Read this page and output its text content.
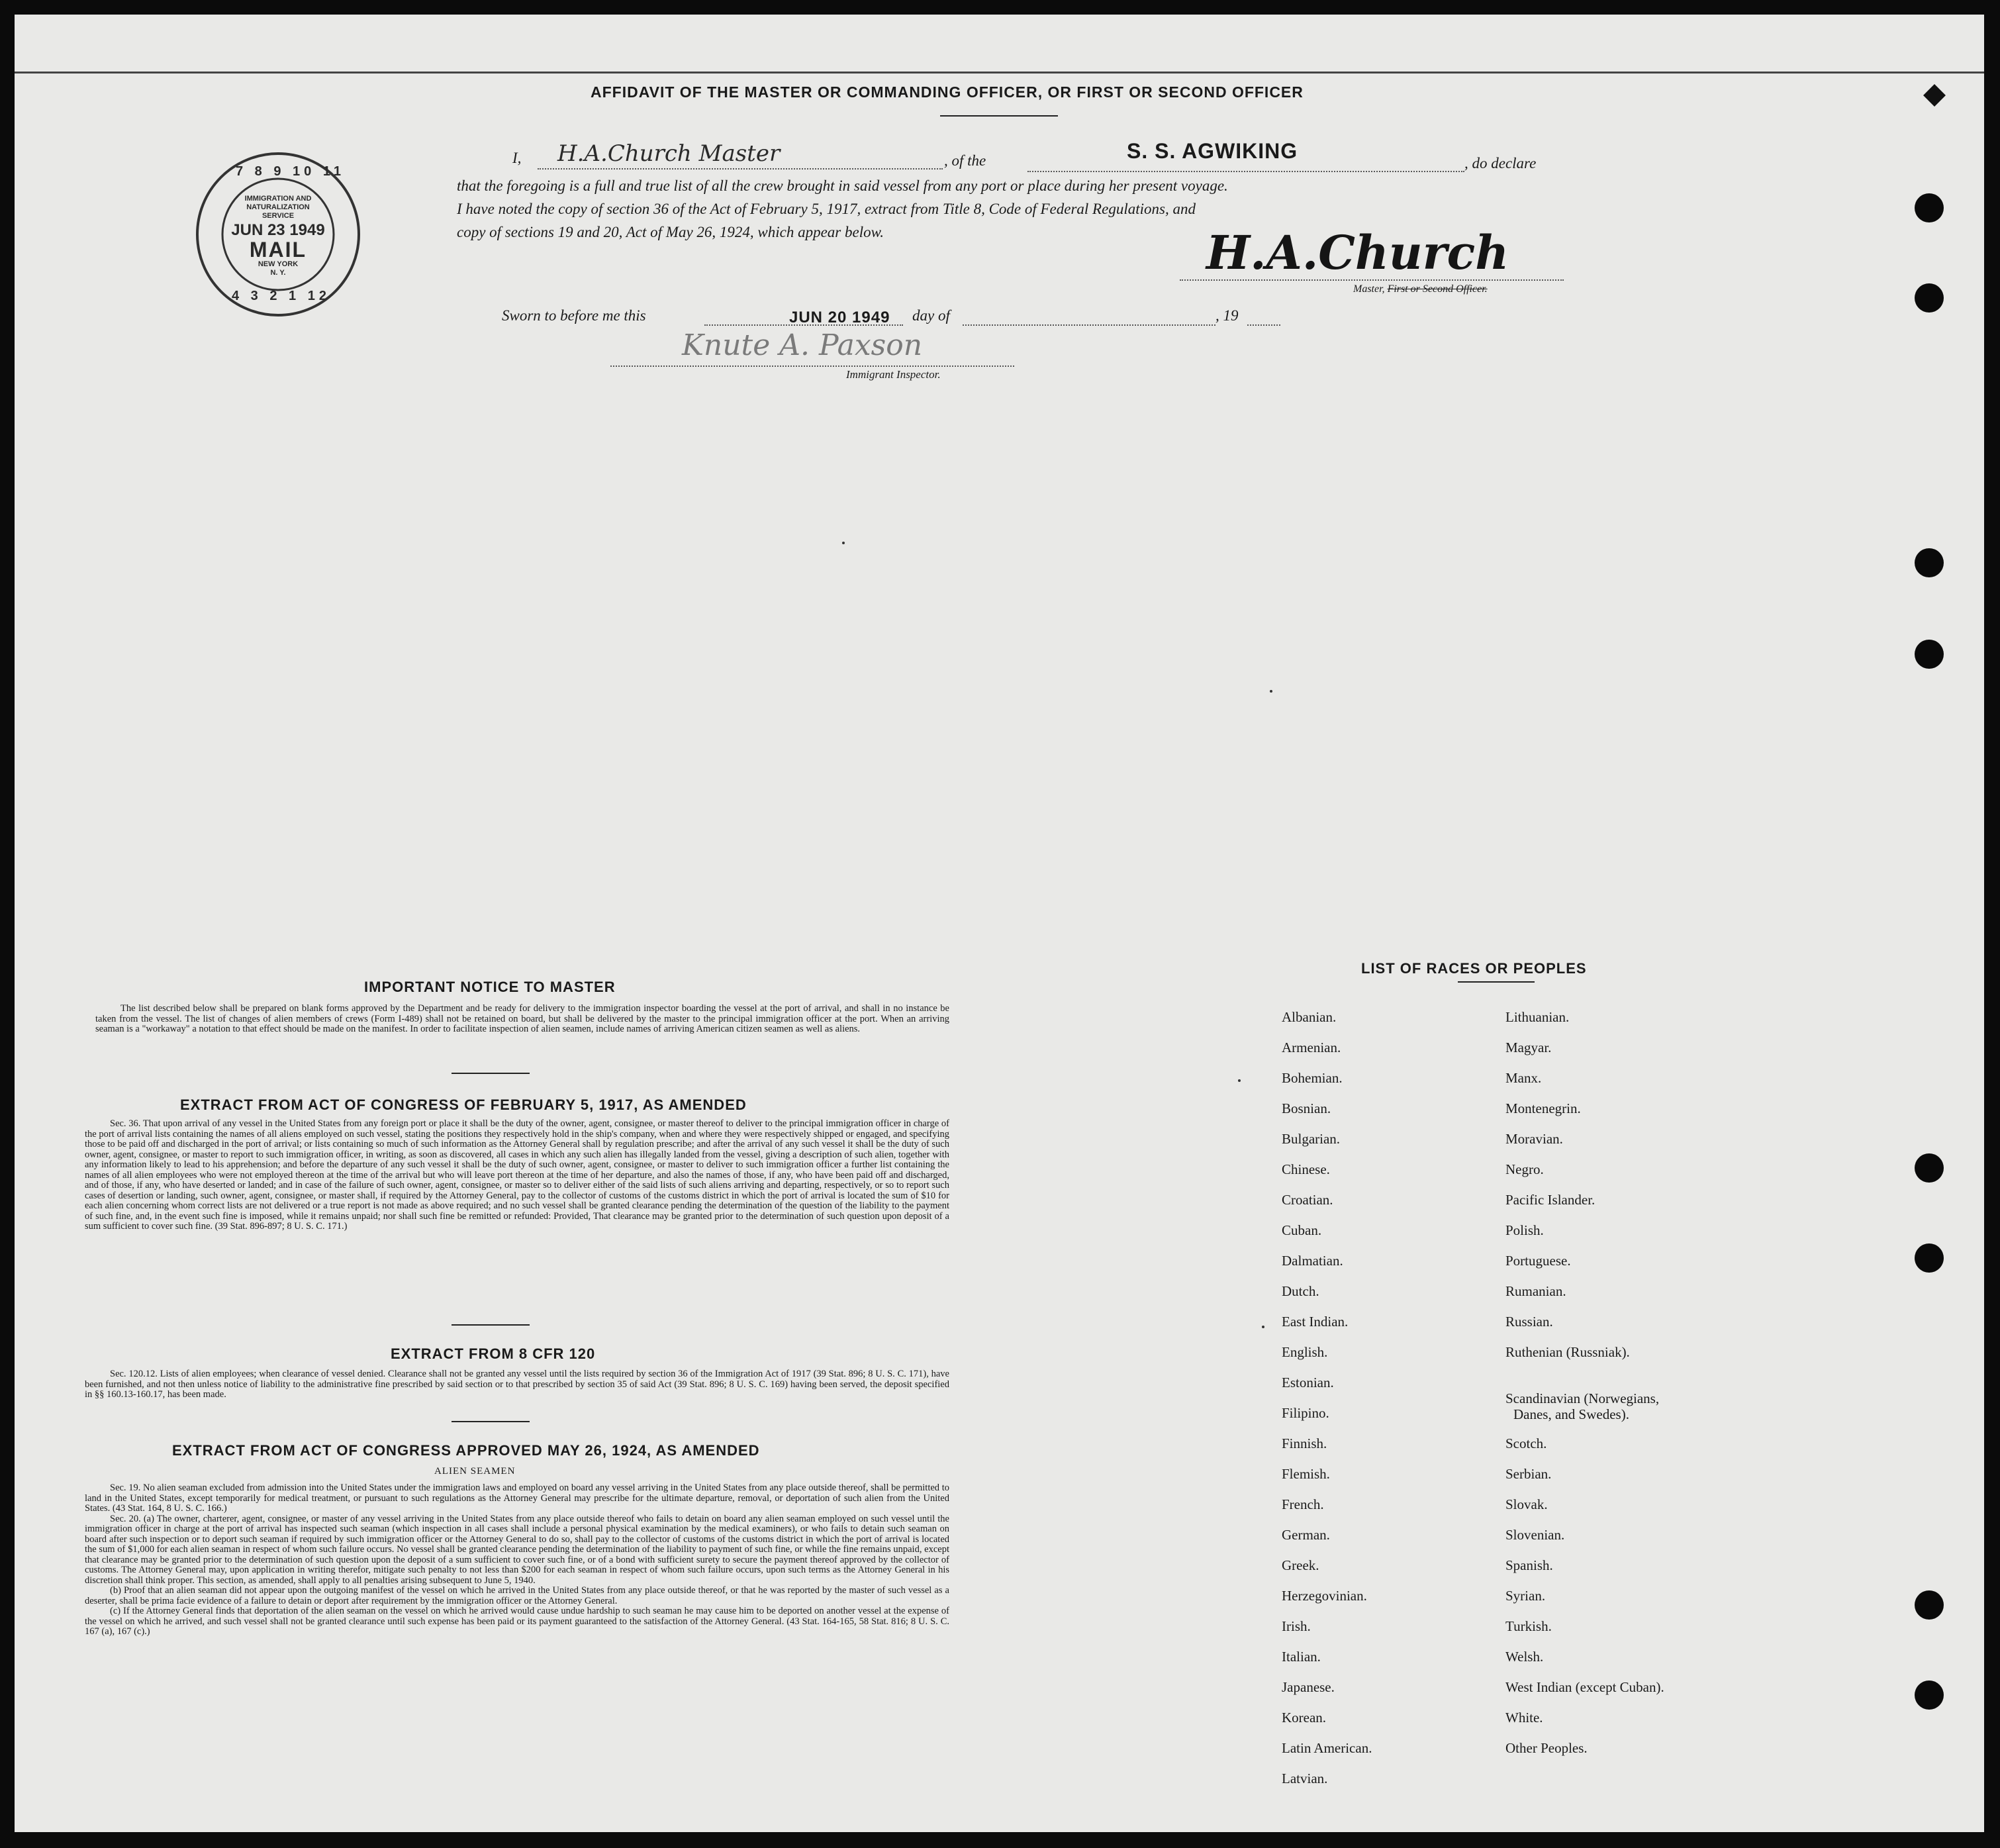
AFFIDAVIT OF THE MASTER OR COMMANDING OFFICER, OR FIRST OR SECOND OFFICER
7 8 9 10 11
4 3 2 1 12
IMMIGRATION AND
NATURALIZATION
SERVICE
JUN 23 1949
MAIL
NEW YORK
N. Y.
I, H.A.Church Master	, of the	S. S. AGWIKING
, do declare
that the foregoing is a full and true list of all the crew brought in said vessel from any port or place during her present voyage.
I have noted the copy of section 36 of the Act of February 5, 1917, extract from Title 8, Code of Federal Regulations, and
copy of sections 19 and 20, Act of May 26, 1924, which appear below.	H.A.Church
Master, First or Second Officer.
Sworn to before me this	JUN 20 1949 day of	, 19
Knute A. Paxson
Immigrant Inspector.
IMPORTANT NOTICE TO MASTER

The list described below shall be prepared on blank forms approved by the Department and be ready for delivery to the immigration inspector boarding the vessel at the port of arrival, and shall in no instance be taken from the vessel. The list of changes of alien members of crews (Form I-489) shall not be retained on board, but shall be delivered by the master to the principal immigration officer at the port. When an arriving seaman is a "workaway" a notation to that effect should be made on the manifest. In order to facilitate inspection of alien seamen, include names of arriving American citizen seamen as well as aliens.

EXTRACT FROM ACT OF CONGRESS OF FEBRUARY 5, 1917, AS AMENDED

Sec. 36. That upon arrival of any vessel in the United States from any foreign port or place it shall be the duty of the owner, agent, consignee, or master thereof to deliver to the principal immigration officer in charge of the port of arrival lists containing the names of all aliens employed on such vessel, stating the positions they respectively hold in the ship's company, when and where they were respectively shipped or engaged, and specifying those to be paid off and discharged in the port of arrival; or lists containing so much of such information as the Attorney General shall by regulation prescribe; and after the arrival of any such vessel it shall be the duty of such owner, agent, consignee, or master to report to such immigration officer, in writing, as soon as discovered, all cases in which any such alien has illegally landed from the vessel, giving a description of such alien, together with any information likely to lead to his apprehension; and before the departure of any such vessel it shall be the duty of such owner, agent, consignee, or master to deliver to such immigration officer a further list containing the names of all alien employees who were not employed thereon at the time of the arrival but who will leave port thereon at the time of her departure, and also the names of those, if any, who have been paid off and discharged, and of those, if any, who have deserted or landed; and in case of the failure of such owner, agent, consignee, or master so to deliver either of the said lists of such aliens arriving and departing, respectively, or so to report such cases of desertion or landing, such owner, agent, consignee, or master shall, if required by the Attorney General, pay to the collector of customs of the customs district in which the port of arrival is located the sum of $10 for each alien concerning whom correct lists are not delivered or a true report is not made as above required; and no such vessel shall be granted clearance pending the determination of the question of the liability to the payment of such fine, and, in the event such fine is imposed, while it remains unpaid; nor shall such fine be remitted or refunded: Provided, That clearance may be granted prior to the determination of such question upon deposit of a sum sufficient to cover such fine. (39 Stat. 896-897; 8 U. S. C. 171.)

EXTRACT FROM 8 CFR 120

Sec. 120.12. Lists of alien employees; when clearance of vessel denied. Clearance shall not be granted any vessel until the lists required by section 36 of the Immigration Act of 1917 (39 Stat. 896; 8 U. S. C. 171), have been furnished, and not then unless notice of liability to the administrative fine prescribed by said section or to that prescribed by section 35 of said Act (39 Stat. 896; 8 U. S. C. 169) having been served, the deposit specified in §§ 160.13-160.17, has been made.

EXTRACT FROM ACT OF CONGRESS APPROVED MAY 26, 1924, AS AMENDED
ALIEN SEAMEN

Sec. 19. No alien seaman excluded from admission into the United States under the immigration laws and employed on board any vessel arriving in the United States from any place outside thereof, shall be permitted to land in the United States, except temporarily for medical treatment, or pursuant to such regulations as the Attorney General may prescribe for the ultimate departure, removal, or deportation of such alien from the United States. (43 Stat. 164, 8 U. S. C. 166.)

Sec. 20. (a) The owner, charterer, agent, consignee, or master of any vessel arriving in the United States from any place outside thereof who fails to detain on board any alien seaman employed on such vessel until the immigration officer in charge at the port of arrival has inspected such seaman (which inspection in all cases shall include a personal physical examination by the medical examiners), or who fails to detain such seaman on board after such inspection or to deport such seaman if required by such immigration officer or the Attorney General to do so, shall pay to the collector of customs of the customs district in which the port of arrival is located the sum of $1,000 for each alien seaman in respect of whom such failure occurs. No vessel shall be granted clearance pending the determination of the liability to payment of such fine, or while the fine remains unpaid, except that clearance may be granted prior to the determination of such question upon the deposit of a sum sufficient to cover such fine, or of a bond with sufficient surety to secure the payment thereof approved by the collector of customs. The Attorney General may, upon application in writing therefor, mitigate such penalty to not less than $200 for each seaman in respect of whom such failure occurs, upon such terms as the Attorney General in his discretion shall think proper. This section, as amended, shall apply to all penalties arising subsequent to June 5, 1940.

(b) Proof that an alien seaman did not appear upon the outgoing manifest of the vessel on which he arrived in the United States from any place outside thereof, or that he was reported by the master of such vessel as a deserter, shall be prima facie evidence of a failure to detain or deport after requirement by the immigration officer or the Attorney General.

(c) If the Attorney General finds that deportation of the alien seaman on the vessel on which he arrived would cause undue hardship to such seaman he may cause him to be deported on another vessel at the expense of the vessel on which he arrived, and such vessel shall not be granted clearance until such expense has been paid or its payment guaranteed to the satisfaction of the Attorney General. (43 Stat. 164-165, 58 Stat. 816; 8 U. S. C. 167 (a), 167 (c).)

LIST OF RACES OR PEOPLES
Albanian.
Armenian.
Bohemian.
Bosnian.
Bulgarian.
Chinese.
Croatian.
Cuban.
Dalmatian.
Dutch.
East Indian.
English.
Estonian.
Filipino.
Finnish.
Flemish.
French.
German.
Greek.
Herzegovinian.
Irish.
Italian.
Japanese.
Korean.
Latin American.
Latvian.
Lithuanian.
Magyar.
Manx.
Montenegrin.
Moravian.
Negro.
Pacific Islander.
Polish.
Portuguese.
Rumanian.
Russian.
Ruthenian (Russniak).
Scandinavian (Norwegians,
Danes, and Swedes).
Scotch.
Serbian.
Slovak.
Slovenian.
Spanish.
Syrian.
Turkish.
Welsh.
West Indian (except Cuban).
White.
Other Peoples.
